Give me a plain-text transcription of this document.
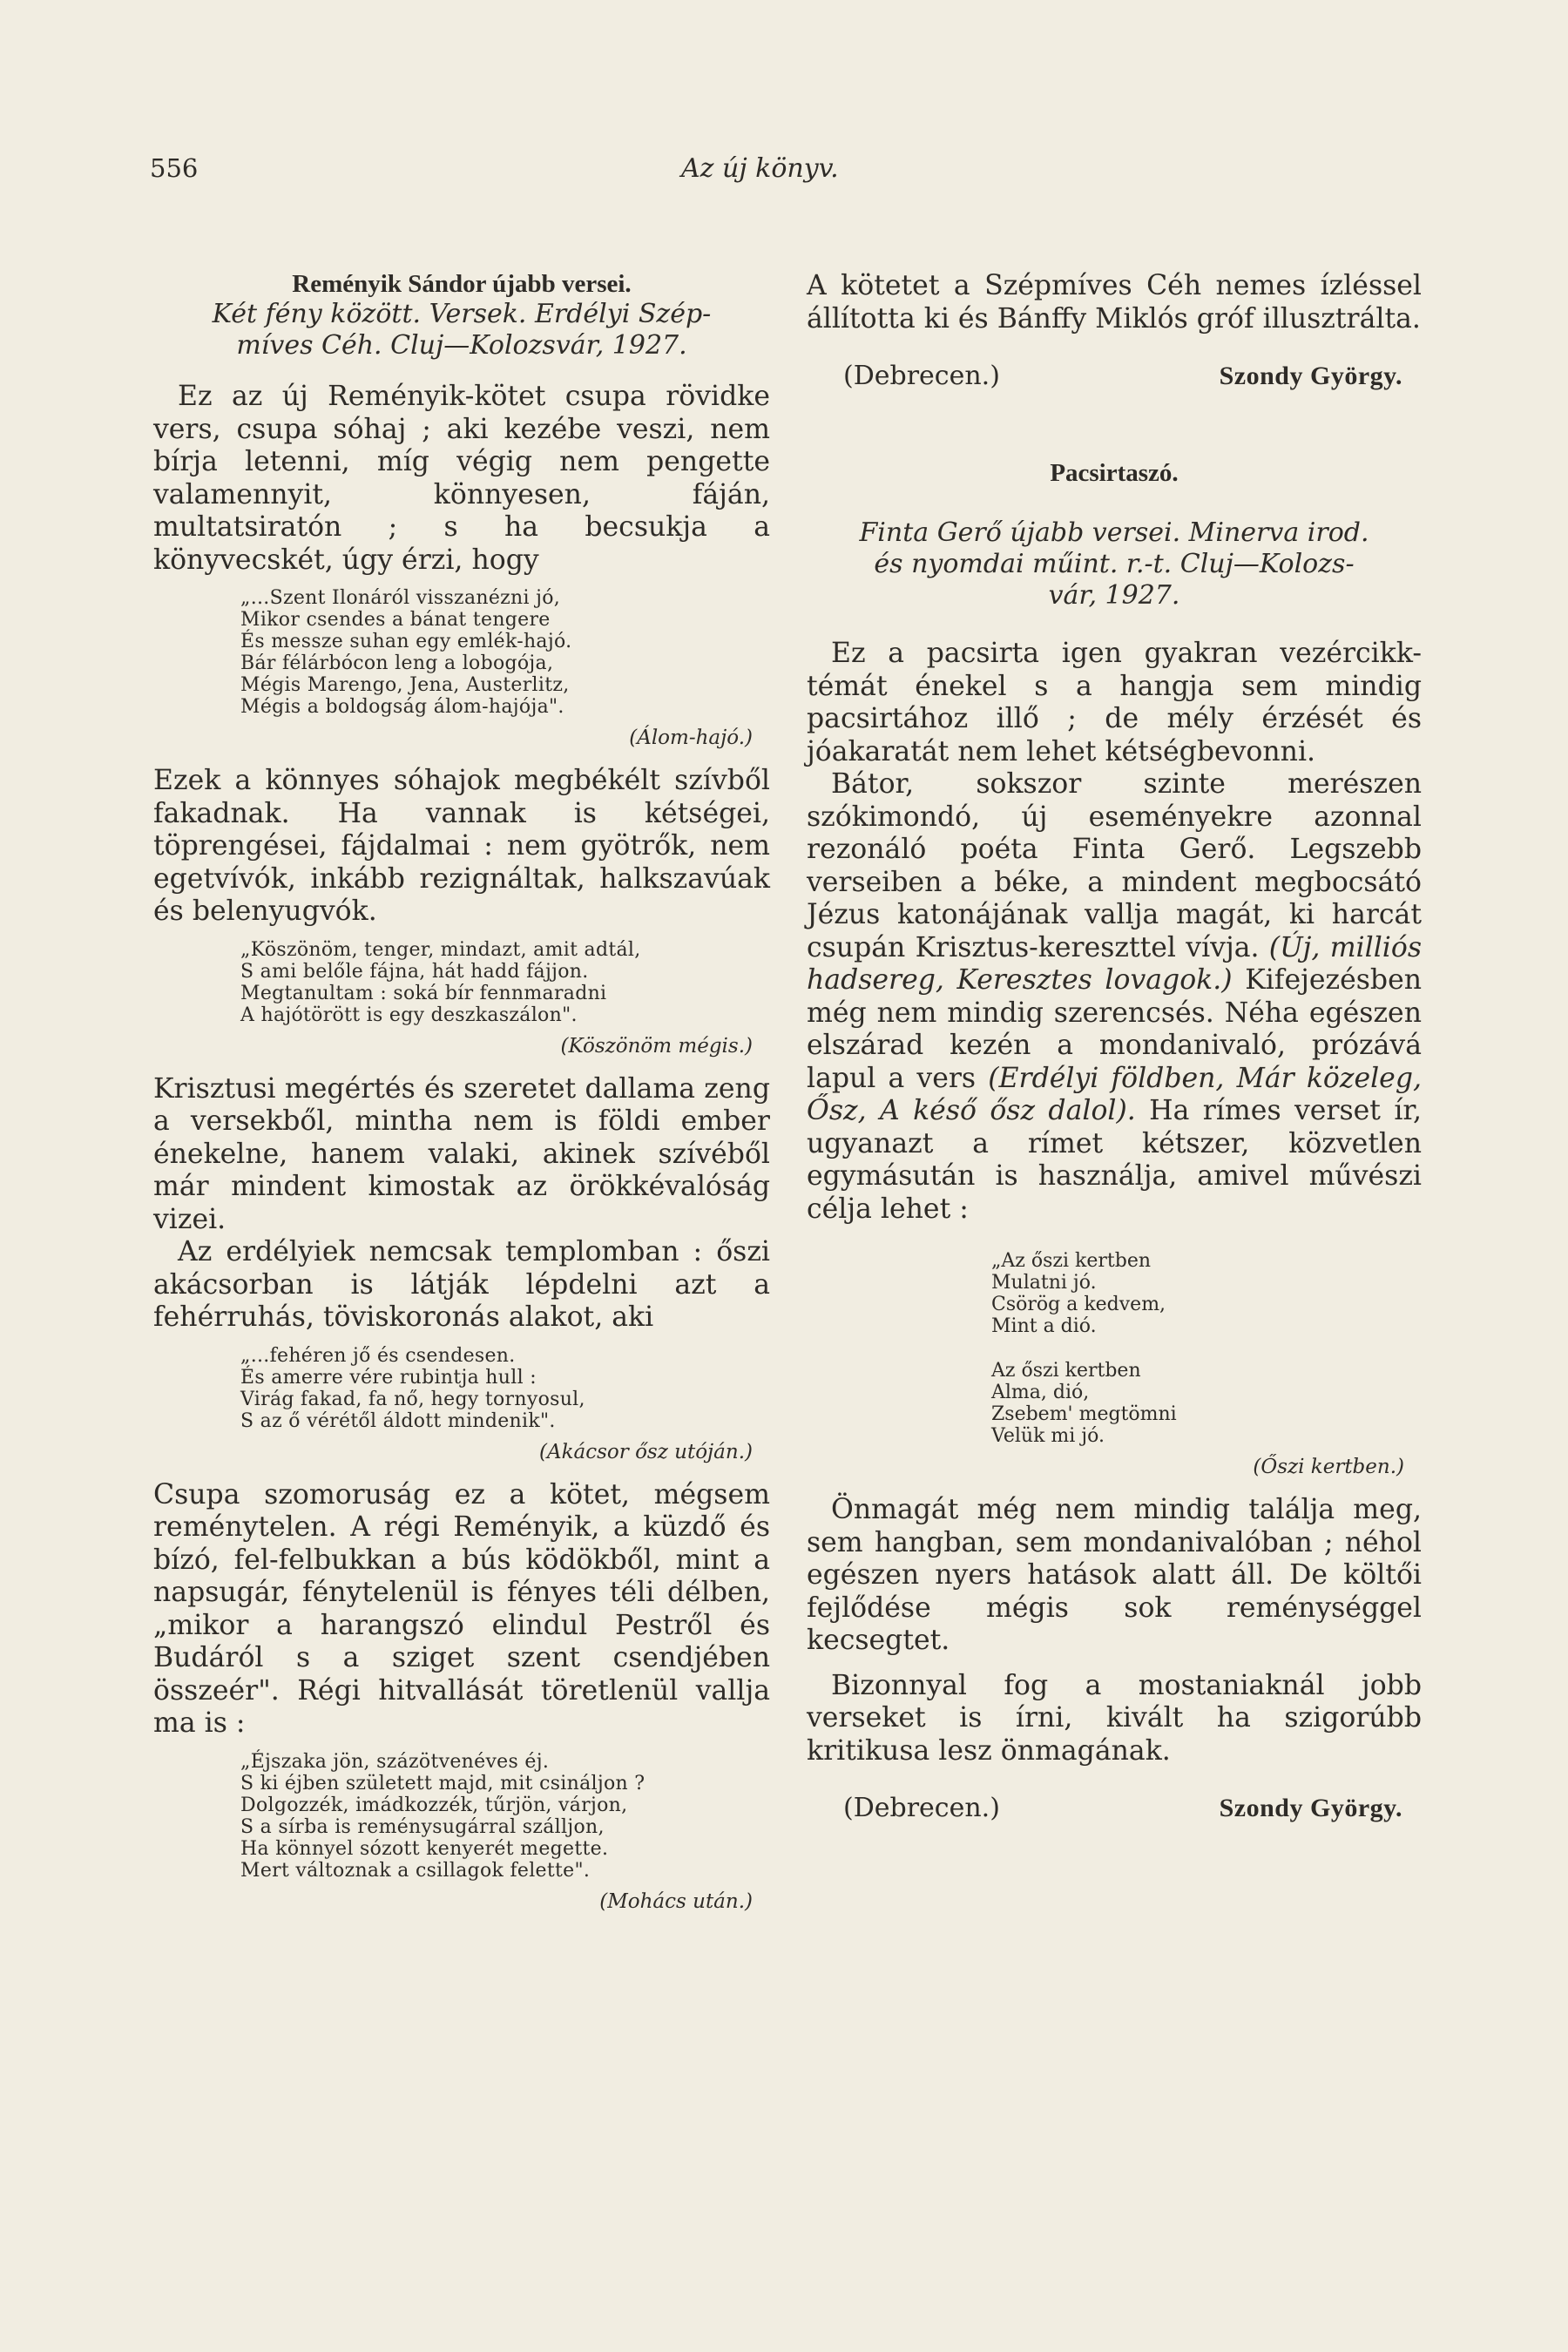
556	Az új könyv.
Reményik Sándor újabb versei.
Két fény között. Versek. Erdélyi Szép-
míves Céh. Cluj—Kolozsvár, 1927.

Ez az új Reményik-kötet csupa rövidke vers, csupa sóhaj ; aki kezébe veszi, nem bírja letenni, míg végig nem pengette valamennyit, könnyesen, fáján, multatsiratón ; s ha becsukja a könyvecskét, úgy érzi, hogy

„...Szent Ilonáról visszanézni jó,
Mikor csendes a bánat tengere
És messze suhan egy emlék-hajó.
Bár félárbócon leng a lobogója,
Mégis Marengo, Jena, Austerlitz,
Mégis a boldogság álom-hajója".
(Álom-hajó.)

Ezek a könnyes sóhajok megbékélt szívből fakadnak. Ha vannak is kétségei, töprengései, fájdalmai : nem gyötrők, nem egetvívók, inkább rezignáltak, halkszavúak és belenyugvók.

„Köszönöm, tenger, mindazt, amit adtál,
S ami belőle fájna, hát hadd fájjon.
Megtanultam : soká bír fennmaradni
A hajótörött is egy deszkaszálon".
(Köszönöm mégis.)

Krisztusi megértés és szeretet dallama zeng a versekből, mintha nem is földi ember énekelne, hanem valaki, akinek szívéből már mindent kimostak az örökkévalóság vizei.

Az erdélyiek nemcsak templomban : őszi akácsorban is látják lépdelni azt a fehérruhás, töviskoronás alakot, aki

„...fehéren jő és csendesen.
És amerre vére rubintja hull :
Virág fakad, fa nő, hegy tornyosul,
S az ő vérétől áldott mindenik".
(Akácsor ősz utóján.)

Csupa szomoruság ez a kötet, mégsem reménytelen. A régi Reményik, a küzdő és bízó, fel-felbukkan a bús ködökből, mint a napsugár, fénytelenül is fényes téli délben, „mikor a harangszó elindul Pestről és Budáról s a sziget szent csendjében összeér". Régi hitvallását töretlenül vallja ma is :

„Éjszaka jön, százötvenéves éj.
S ki éjben született majd, mit csináljon ?
Dolgozzék, imádkozzék, tűrjön, várjon,
S a sírba is reménysugárral szálljon,
Ha könnyel sózott kenyerét megette.
Mert változnak a csillagok felette".
(Mohács után.)

A kötetet a Szépmíves Céh nemes ízléssel állította ki és Bánffy Miklós gróf illusztrálta.

(Debrecen.)	Szondy György.
Pacsirtaszó.
Finta Gerő újabb versei. Minerva irod.
és nyomdai műint. r.-t. Cluj—Kolozs-
vár, 1927.

Ez a pacsirta igen gyakran vezércikk-témát énekel s a hangja sem mindig pacsirtához illő ; de mély érzését és jóakaratát nem lehet kétségbevonni.

Bátor, sokszor szinte merészen szókimondó, új eseményekre azonnal rezonáló poéta Finta Gerő. Legszebb verseiben a béke, a mindent megbocsátó Jézus katonájának vallja magát, ki harcát csupán Krisztus-kereszttel vívja. (Új, milliós hadsereg, Keresztes lovagok.) Kifejezésben még nem mindig szerencsés. Néha egészen elszárad kezén a mondanivaló, prózává lapul a vers (Erdélyi földben, Már közeleg, Ősz, A késő ősz dalol). Ha rímes verset ír, ugyanazt a rímet kétszer, közvetlen egymásután is használja, amivel művészi célja lehet :

„Az őszi kertben
Mulatni jó.
Csörög a kedvem,
Mint a dió.
Az őszi kertben
Alma, dió,
Zsebem' megtömni
Velük mi jó.
(Őszi kertben.)

Önmagát még nem mindig találja meg, sem hangban, sem mondanivalóban ; néhol egészen nyers hatások alatt áll. De költői fejlődése mégis sok reménységgel kecsegtet.

Bizonnyal fog a mostaniaknál jobb verseket is írni, kivált ha szigorúbb kritikusa lesz önmagának.

(Debrecen.)	Szondy György.
